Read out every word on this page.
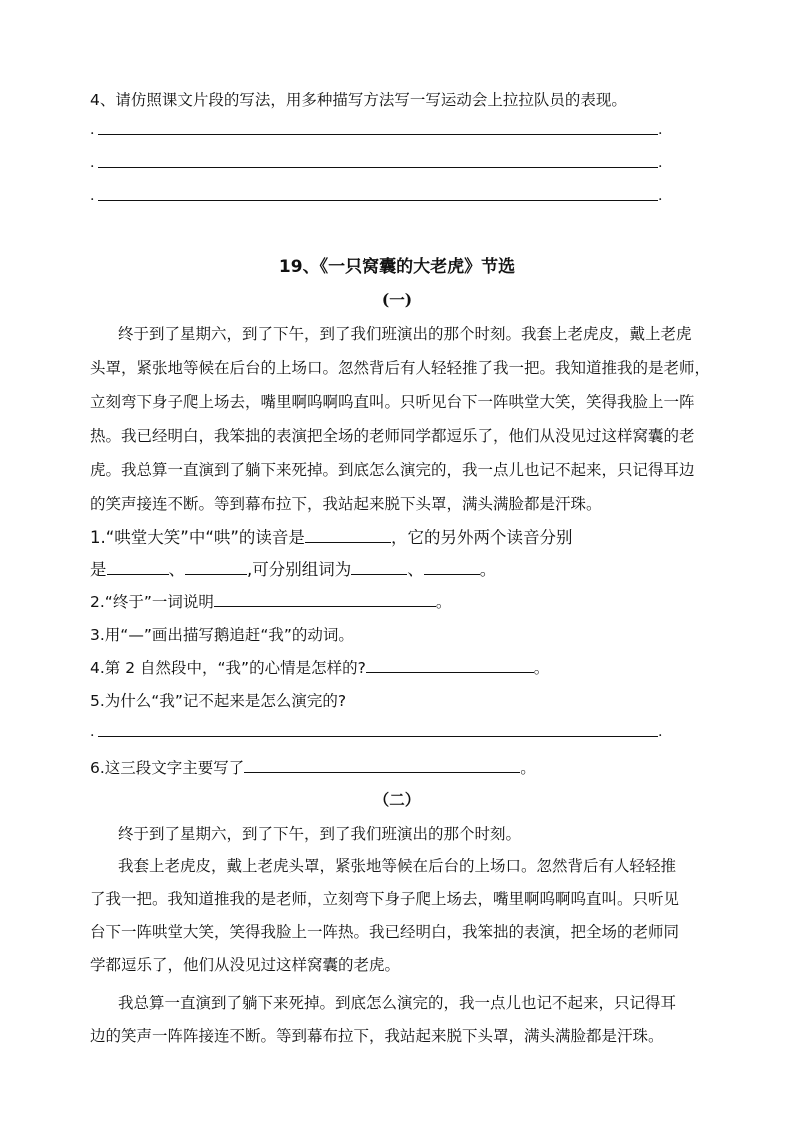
4、请仿照课文片段的写法，用多种描写方法写一写运动会上拉拉队员的表现。
.	.
.	.
.	.
19、《一只窝囊的大老虎》节选
(一)
终于到了星期六，到了下午，到了我们班演出的那个时刻。我套上老虎皮，戴上老虎
头罩，紧张地等候在后台的上场口。忽然背后有人轻轻推了我一把。我知道推我的是老师，
立刻弯下身子爬上场去，嘴里啊呜啊呜直叫。只听见台下一阵哄堂大笑，笑得我脸上一阵
热。我已经明白，我笨拙的表演把全场的老师同学都逗乐了，他们从没见过这样窝囊的老
虎。我总算一直演到了躺下来死掉。到底怎么演完的，我一点儿也记不起来，只记得耳边
的笑声接连不断。等到幕布拉下，我站起来脱下头罩，满头满脸都是汗珠。
1.“哄堂大笑”中“哄”的读音是	，它的另外两个读音分别
是	、	,可分别组词为	、	。
2.“终于”一词说明	。
3.用“—”画出描写鹅追赶“我”的动词。
4.第 2 自然段中，“我”的心情是怎样的?	。
5.为什么“我”记不起来是怎么演完的?
.	.
6.这三段文字主要写了	。
（二）
终于到了星期六，到了下午，到了我们班演出的那个时刻。
我套上老虎皮，戴上老虎头罩，紧张地等候在后台的上场口。忽然背后有人轻轻推
了我一把。我知道推我的是老师，立刻弯下身子爬上场去，嘴里啊呜啊呜直叫。只听见
台下一阵哄堂大笑，笑得我脸上一阵热。我已经明白，我笨拙的表演，把全场的老师同
学都逗乐了，他们从没见过这样窝囊的老虎。
我总算一直演到了躺下来死掉。到底怎么演完的，我一点儿也记不起来，只记得耳
边的笑声一阵阵接连不断。等到幕布拉下，我站起来脱下头罩，满头满脸都是汗珠。
